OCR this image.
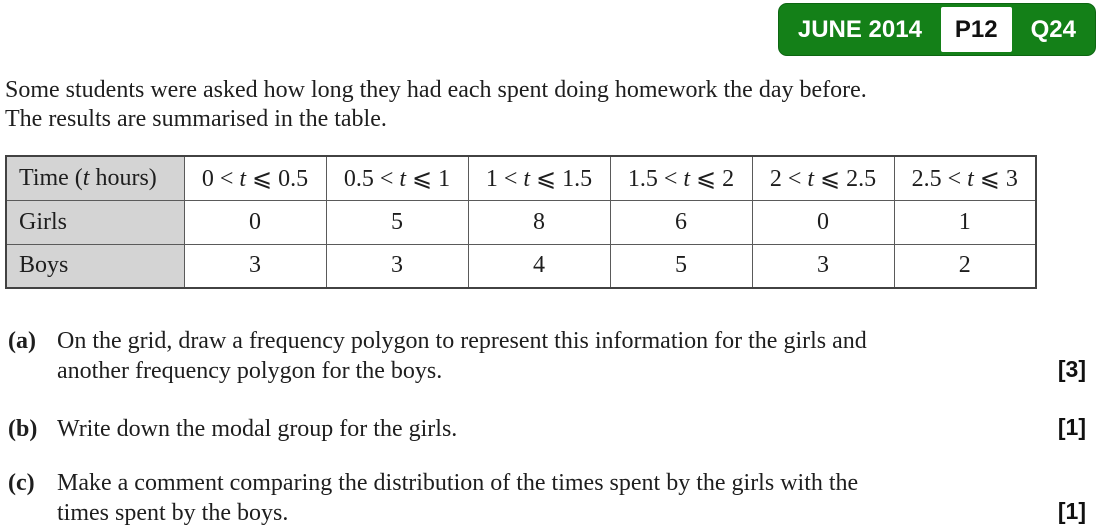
JUNE 2014	P12	Q24
Some students were asked how long they had each spent doing homework the day before.
The results are summarised in the table.
Time (t hours)	0 < t ⩽ 0.5	0.5 < t ⩽ 1	1 < t ⩽ 1.5	1.5 < t ⩽ 2	2 < t ⩽ 2.5	2.5 < t ⩽ 3
Girls	0	5	8	6	0	1
Boys	3	3	4	5	3	2
(a) On the grid, draw a frequency polygon to represent this information for the girls and
another frequency polygon for the boys.	[3]
(b) Write down the modal group for the girls.	[1]
(c) Make a comment comparing the distribution of the times spent by the girls with the
times spent by the boys.	[1]
